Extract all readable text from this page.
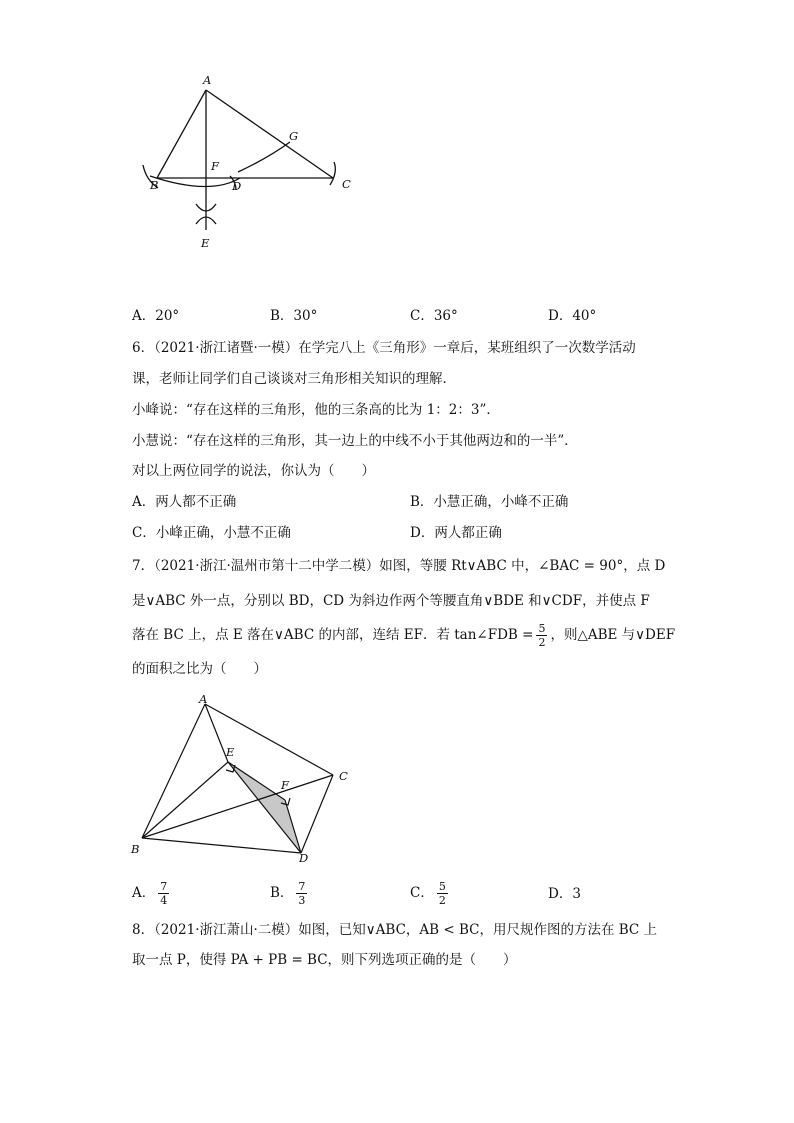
A
G
F
B	D	C
E
A．20°	B．30°	C．36°	D．40°
6．（2021·浙江诸暨·一模）在学完八上《三角形》一章后，某班组织了一次数学活动
课，老师让同学们自己谈谈对三角形相关知识的理解．
小峰说：“存在这样的三角形，他的三条高的比为 1：2：3”．
小慧说：“存在这样的三角形，其一边上的中线不小于其他两边和的一半”．
对以上两位同学的说法，你认为（　　）
A．两人都不正确	B．小慧正确，小峰不正确
C．小峰正确，小慧不正确	D．两人都正确
7．（2021·浙江·温州市第十二中学二模）如图，等腰 Rt∨ABC 中，∠BAC = 90°，点 D
是∨ABC 外一点，分别以 BD，CD 为斜边作两个等腰直角∨BDE 和∨CDF，并使点 F
落在 BC 上，点 E 落在∨ABC 的内部，连结 EF．若 tan∠FDB = $\frac{5}{2}$ ，则△ABE 与∨DEF
的面积之比为（　　）
A
E
F
C
B
D
A． $\frac{7}{4}$	B． $\frac{7}{3}$	C． $\frac{5}{2}$	D．3
8．（2021·浙江萧山·二模）如图，已知∨ABC，AB < BC，用尺规作图的方法在 BC 上
取一点 P，使得 PA + PB = BC，则下列选项正确的是（　　）
